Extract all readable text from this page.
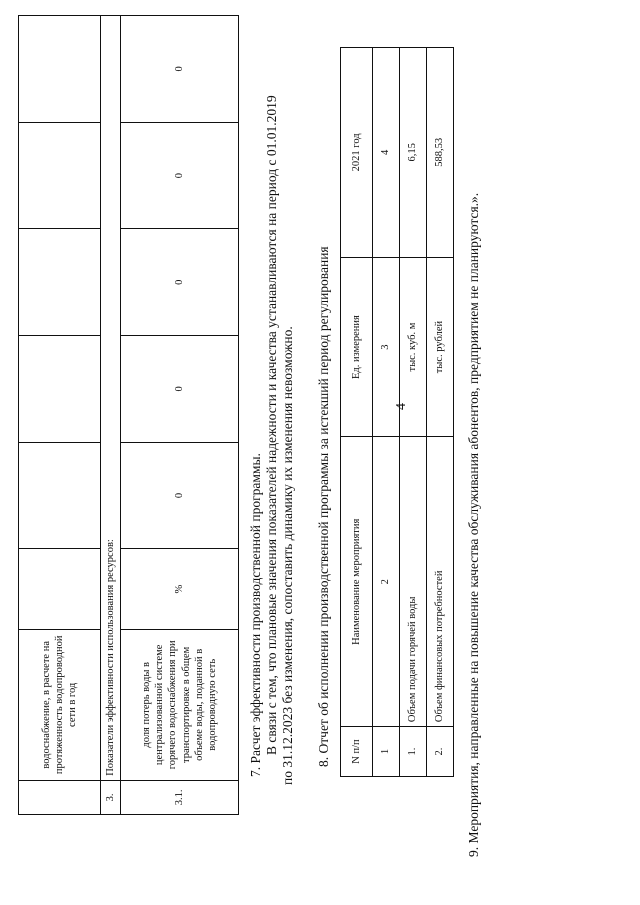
4
	водоснабжение, в расчете на протяженность водопроводной сети в год						
3.	Показатели эффективности использования ресурсов:						
3.1.	доля потерь воды в централизованной системе горячего водоснабжения при транспортировке в общем объеме воды, поданной в водопроводную сеть	%	0	0	0	0	0
7. Расчет эффективности производственной программы. В связи с тем, что плановые значения показателей надежности и качества устанавливаются на период с 01.01.2019 по 31.12.2023 без изменения, сопоставить динамику их изменения невозможно. 8. Отчет об исполнении производственной программы за истекший период регулирования N п/п	Наименование мероприятия	Ед. измерения	2021 год
1	2	3	4
1.	Объем подачи горячей воды	тыс. куб. м	6,15
2.	Объем финансовых потребностей	тыс. рублей	588,53
9. Мероприятия, направленные на повышение качества обслуживания абонентов, предприятием не планируются.».
